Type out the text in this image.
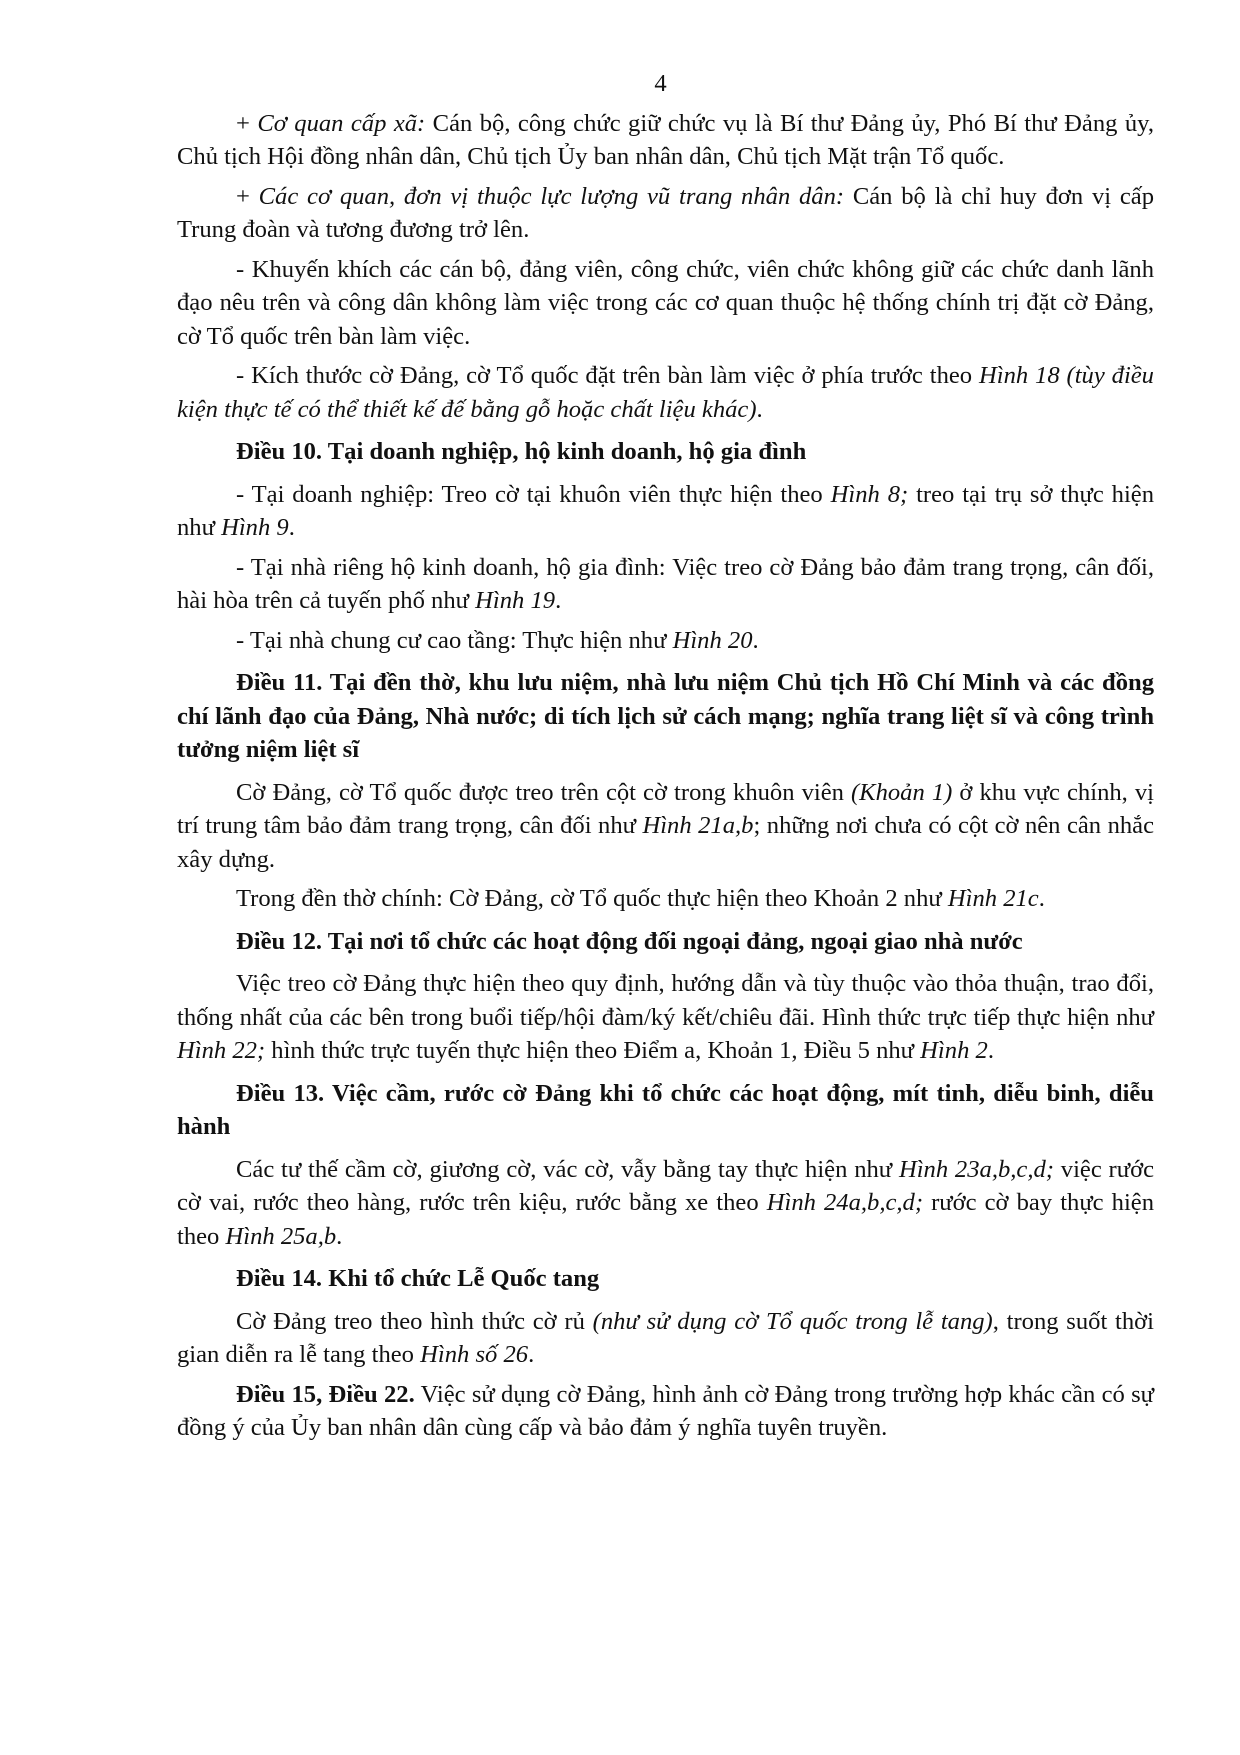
4

+ Cơ quan cấp xã: Cán bộ, công chức giữ chức vụ là Bí thư Đảng ủy, Phó Bí thư Đảng ủy, Chủ tịch Hội đồng nhân dân, Chủ tịch Ủy ban nhân dân, Chủ tịch Mặt trận Tổ quốc.

+ Các cơ quan, đơn vị thuộc lực lượng vũ trang nhân dân: Cán bộ là chỉ huy đơn vị cấp Trung đoàn và tương đương trở lên.

- Khuyến khích các cán bộ, đảng viên, công chức, viên chức không giữ các chức danh lãnh đạo nêu trên và công dân không làm việc trong các cơ quan thuộc hệ thống chính trị đặt cờ Đảng, cờ Tổ quốc trên bàn làm việc.

- Kích thước cờ Đảng, cờ Tổ quốc đặt trên bàn làm việc ở phía trước theo Hình 18 (tùy điều kiện thực tế có thể thiết kế đế bằng gỗ hoặc chất liệu khác).

Điều 10. Tại doanh nghiệp, hộ kinh doanh, hộ gia đình

- Tại doanh nghiệp: Treo cờ tại khuôn viên thực hiện theo Hình 8; treo tại trụ sở thực hiện như Hình 9.

- Tại nhà riêng hộ kinh doanh, hộ gia đình: Việc treo cờ Đảng bảo đảm trang trọng, cân đối, hài hòa trên cả tuyến phố như Hình 19.

- Tại nhà chung cư cao tầng: Thực hiện như Hình 20.

Điều 11. Tại đền thờ, khu lưu niệm, nhà lưu niệm Chủ tịch Hồ Chí Minh và các đồng chí lãnh đạo của Đảng, Nhà nước; di tích lịch sử cách mạng; nghĩa trang liệt sĩ và công trình tưởng niệm liệt sĩ

Cờ Đảng, cờ Tổ quốc được treo trên cột cờ trong khuôn viên (Khoản 1) ở khu vực chính, vị trí trung tâm bảo đảm trang trọng, cân đối như Hình 21a,b; những nơi chưa có cột cờ nên cân nhắc xây dựng.

Trong đền thờ chính: Cờ Đảng, cờ Tổ quốc thực hiện theo Khoản 2 như Hình 21c.

Điều 12. Tại nơi tổ chức các hoạt động đối ngoại đảng, ngoại giao nhà nước

Việc treo cờ Đảng thực hiện theo quy định, hướng dẫn và tùy thuộc vào thỏa thuận, trao đổi, thống nhất của các bên trong buổi tiếp/hội đàm/ký kết/chiêu đãi. Hình thức trực tiếp thực hiện như Hình 22; hình thức trực tuyến thực hiện theo Điểm a, Khoản 1, Điều 5 như Hình 2.

Điều 13. Việc cầm, rước cờ Đảng khi tổ chức các hoạt động, mít tinh, diễu binh, diễu hành

Các tư thế cầm cờ, giương cờ, vác cờ, vẫy bằng tay thực hiện như Hình 23a,b,c,d; việc rước cờ vai, rước theo hàng, rước trên kiệu, rước bằng xe theo Hình 24a,b,c,d; rước cờ bay thực hiện theo Hình 25a,b.

Điều 14. Khi tổ chức Lễ Quốc tang

Cờ Đảng treo theo hình thức cờ rủ (như sử dụng cờ Tổ quốc trong lễ tang), trong suốt thời gian diễn ra lễ tang theo Hình số 26.

Điều 15, Điều 22. Việc sử dụng cờ Đảng, hình ảnh cờ Đảng trong trường hợp khác cần có sự đồng ý của Ủy ban nhân dân cùng cấp và bảo đảm ý nghĩa tuyên truyền.
